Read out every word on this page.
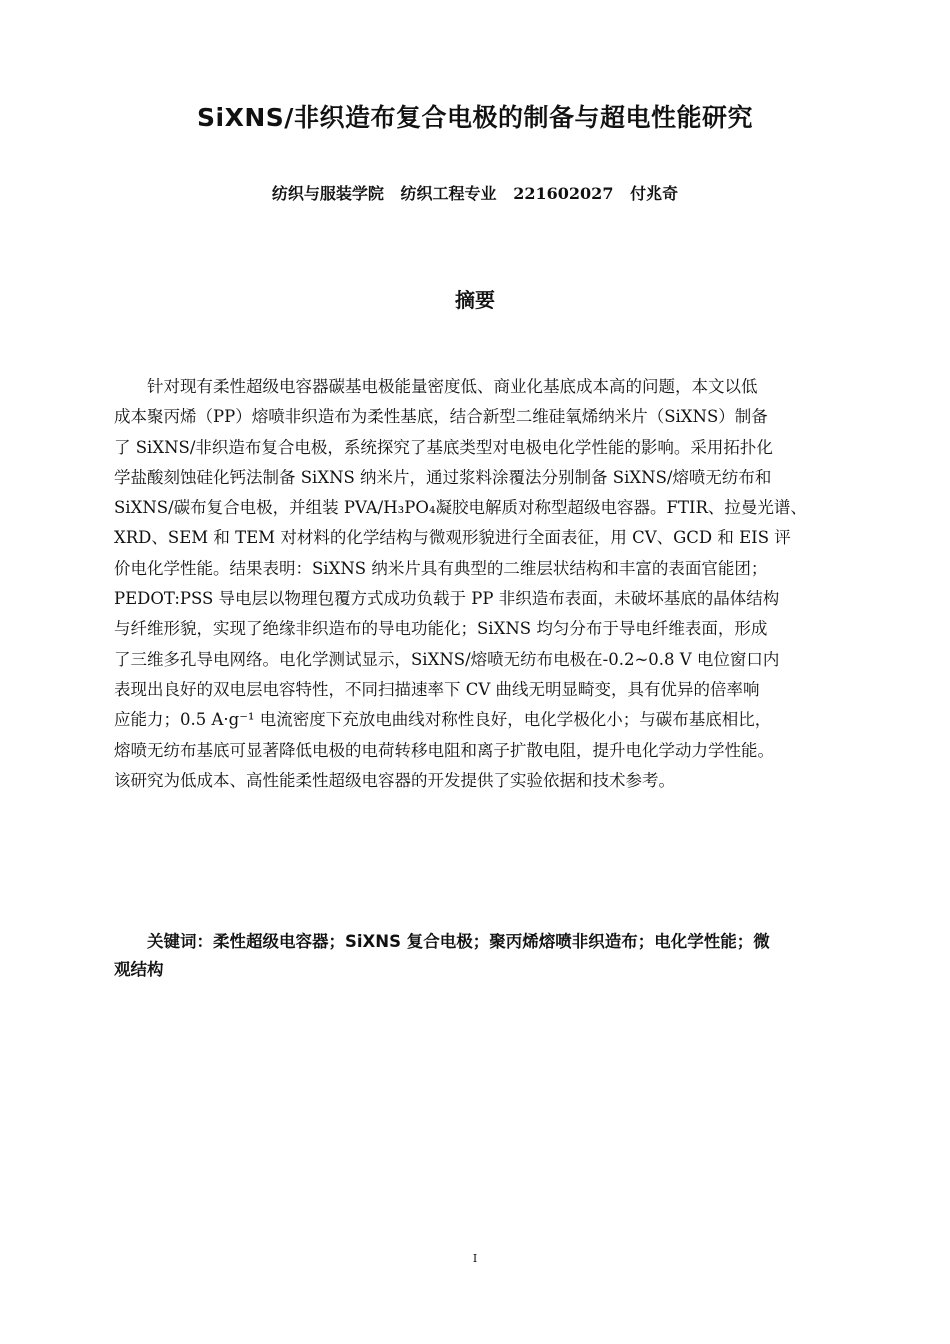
SiXNS/非织造布复合电极的制备与超电性能研究
纺织与服装学院   纺织工程专业   221602027   付兆奇
摘要
　　针对现有柔性超级电容器碳基电极能量密度低、商业化基底成本高的问题，本文以低
成本聚丙烯（PP）熔喷非织造布为柔性基底，结合新型二维硅氧烯纳米片（SiXNS）制备
了 SiXNS/非织造布复合电极，系统探究了基底类型对电极电化学性能的影响。采用拓扑化
学盐酸刻蚀硅化钙法制备 SiXNS 纳米片，通过浆料涂覆法分别制备 SiXNS/熔喷无纺布和
SiXNS/碳布复合电极，并组装 PVA/H₃PO₄凝胶电解质对称型超级电容器。FTIR、拉曼光谱、
XRD、SEM 和 TEM 对材料的化学结构与微观形貌进行全面表征，用 CV、GCD 和 EIS 评
价电化学性能。结果表明：SiXNS 纳米片具有典型的二维层状结构和丰富的表面官能团；
PEDOT:PSS 导电层以物理包覆方式成功负载于 PP 非织造布表面，未破坏基底的晶体结构
与纤维形貌，实现了绝缘非织造布的导电功能化；SiXNS 均匀分布于导电纤维表面，形成
了三维多孔导电网络。电化学测试显示，SiXNS/熔喷无纺布电极在-0.2~0.8 V 电位窗口内
表现出良好的双电层电容特性，不同扫描速率下 CV 曲线无明显畸变，具有优异的倍率响
应能力；0.5 A·g⁻¹ 电流密度下充放电曲线对称性良好，电化学极化小；与碳布基底相比，
熔喷无纺布基底可显著降低电极的电荷转移电阻和离子扩散电阻，提升电化学动力学性能。
该研究为低成本、高性能柔性超级电容器的开发提供了实验依据和技术参考。
　　关键词：柔性超级电容器；SiXNS 复合电极；聚丙烯熔喷非织造布；电化学性能；微
观结构
I
